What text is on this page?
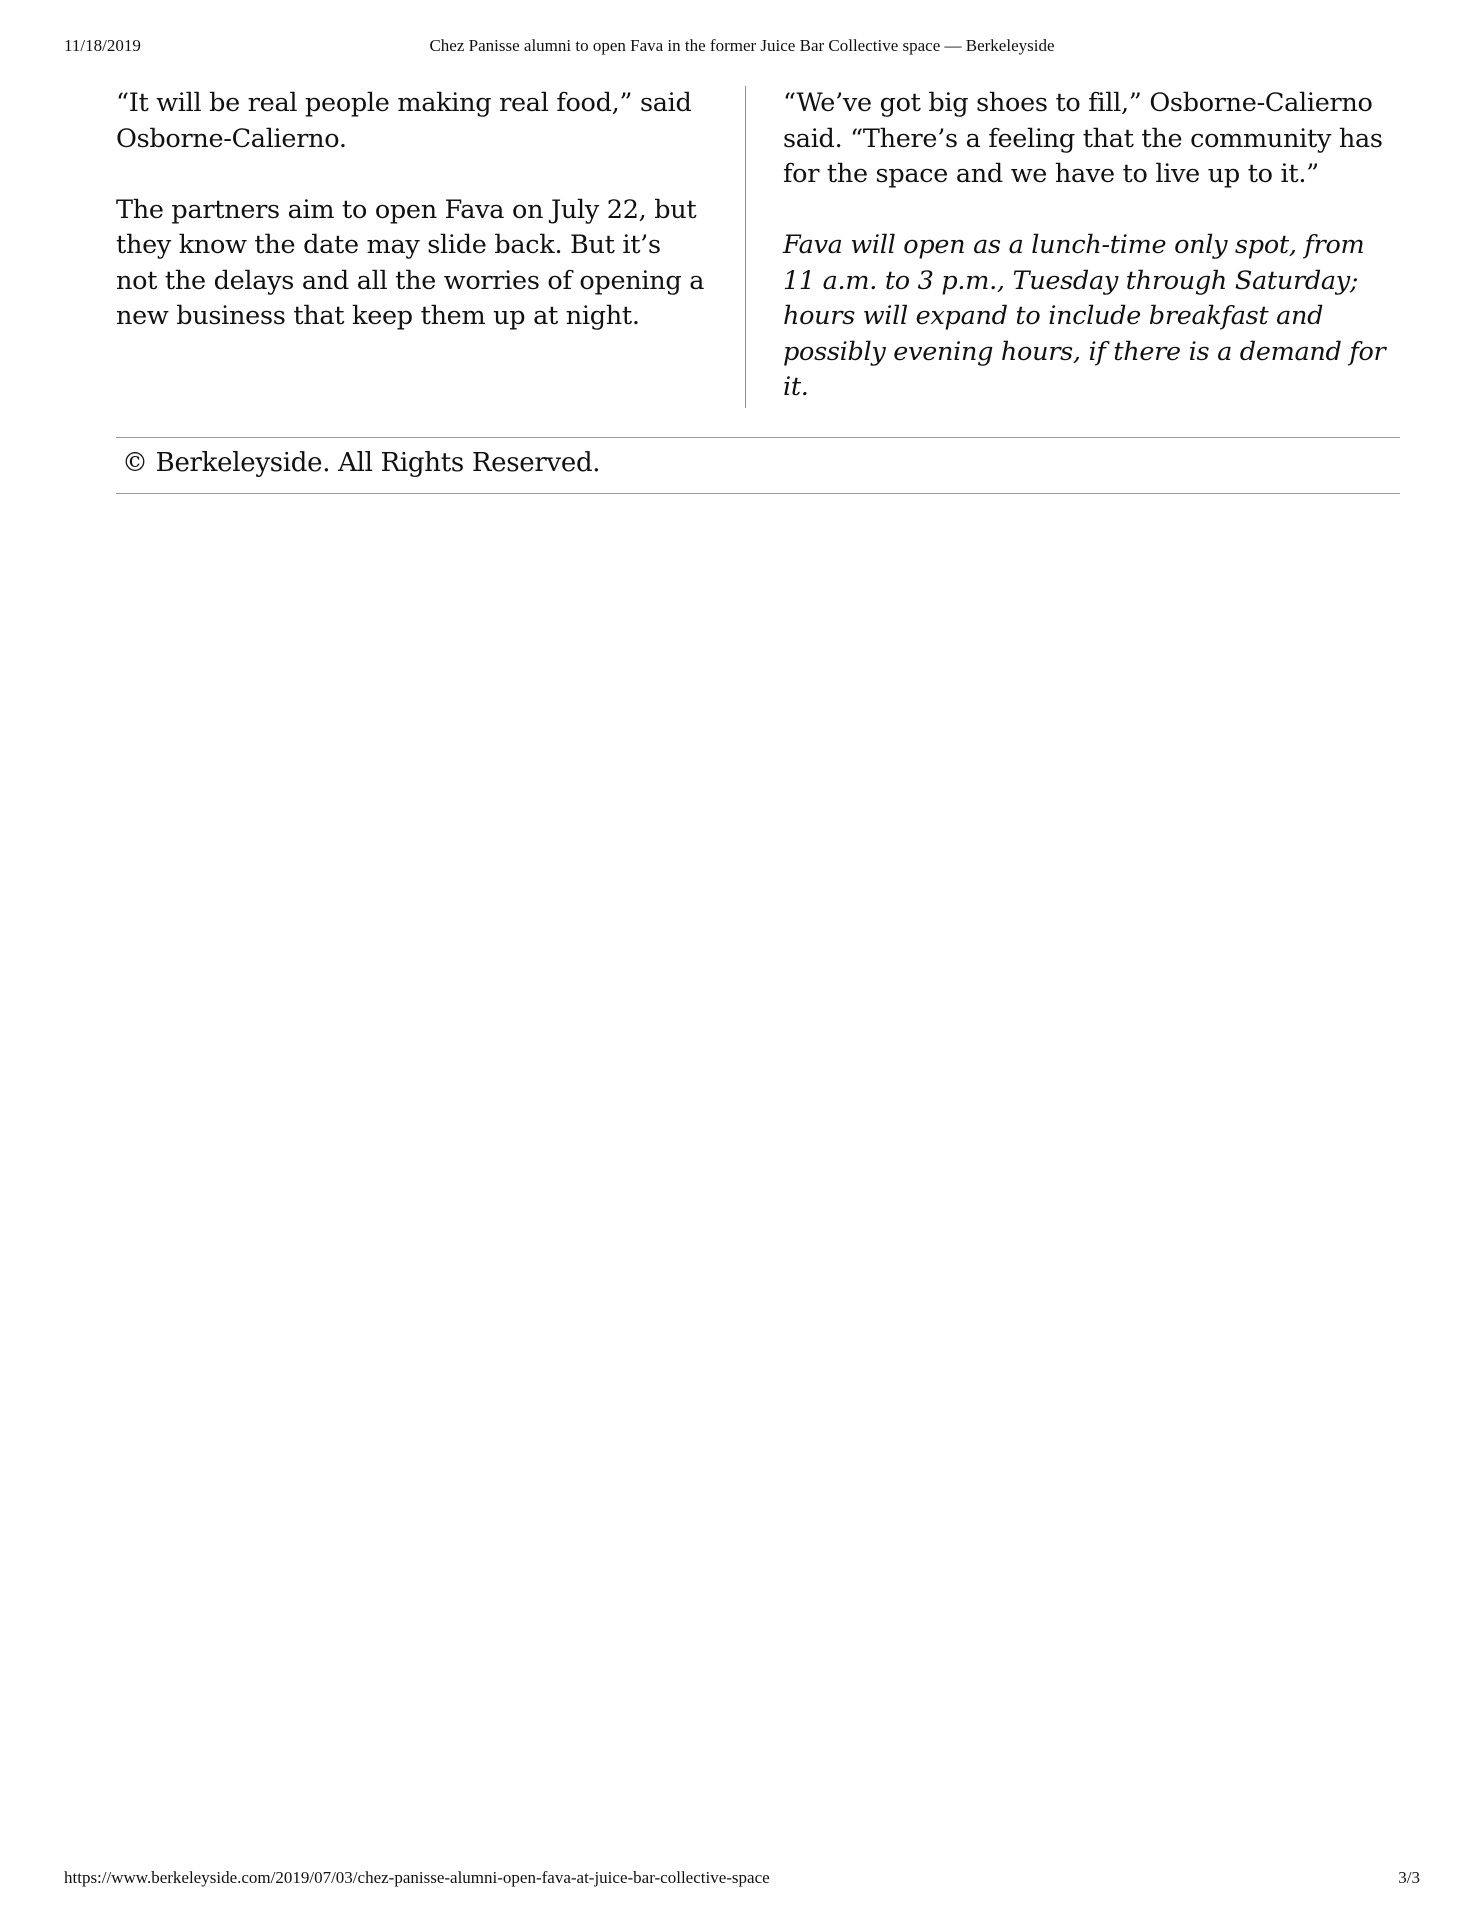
11/18/2019	Chez Panisse alumni to open Fava in the former Juice Bar Collective space — Berkeleyside

“It will be real people making real food,” said Osborne-Calierno.

The partners aim to open Fava on July 22, but they know the date may slide back. But it’s not the delays and all the worries of opening a new business that keep them up at night.

“We’ve got big shoes to fill,” Osborne-Calierno said. “There’s a feeling that the community has for the space and we have to live up to it.”

Fava will open as a lunch-time only spot, from 11 a.m. to 3 p.m., Tuesday through Saturday; hours will expand to include breakfast and possibly evening hours, if there is a demand for it.

© Berkeleyside. All Rights Reserved.
https://www.berkeleyside.com/2019/07/03/chez-panisse-alumni-open-fava-at-juice-bar-collective-space	3/3
